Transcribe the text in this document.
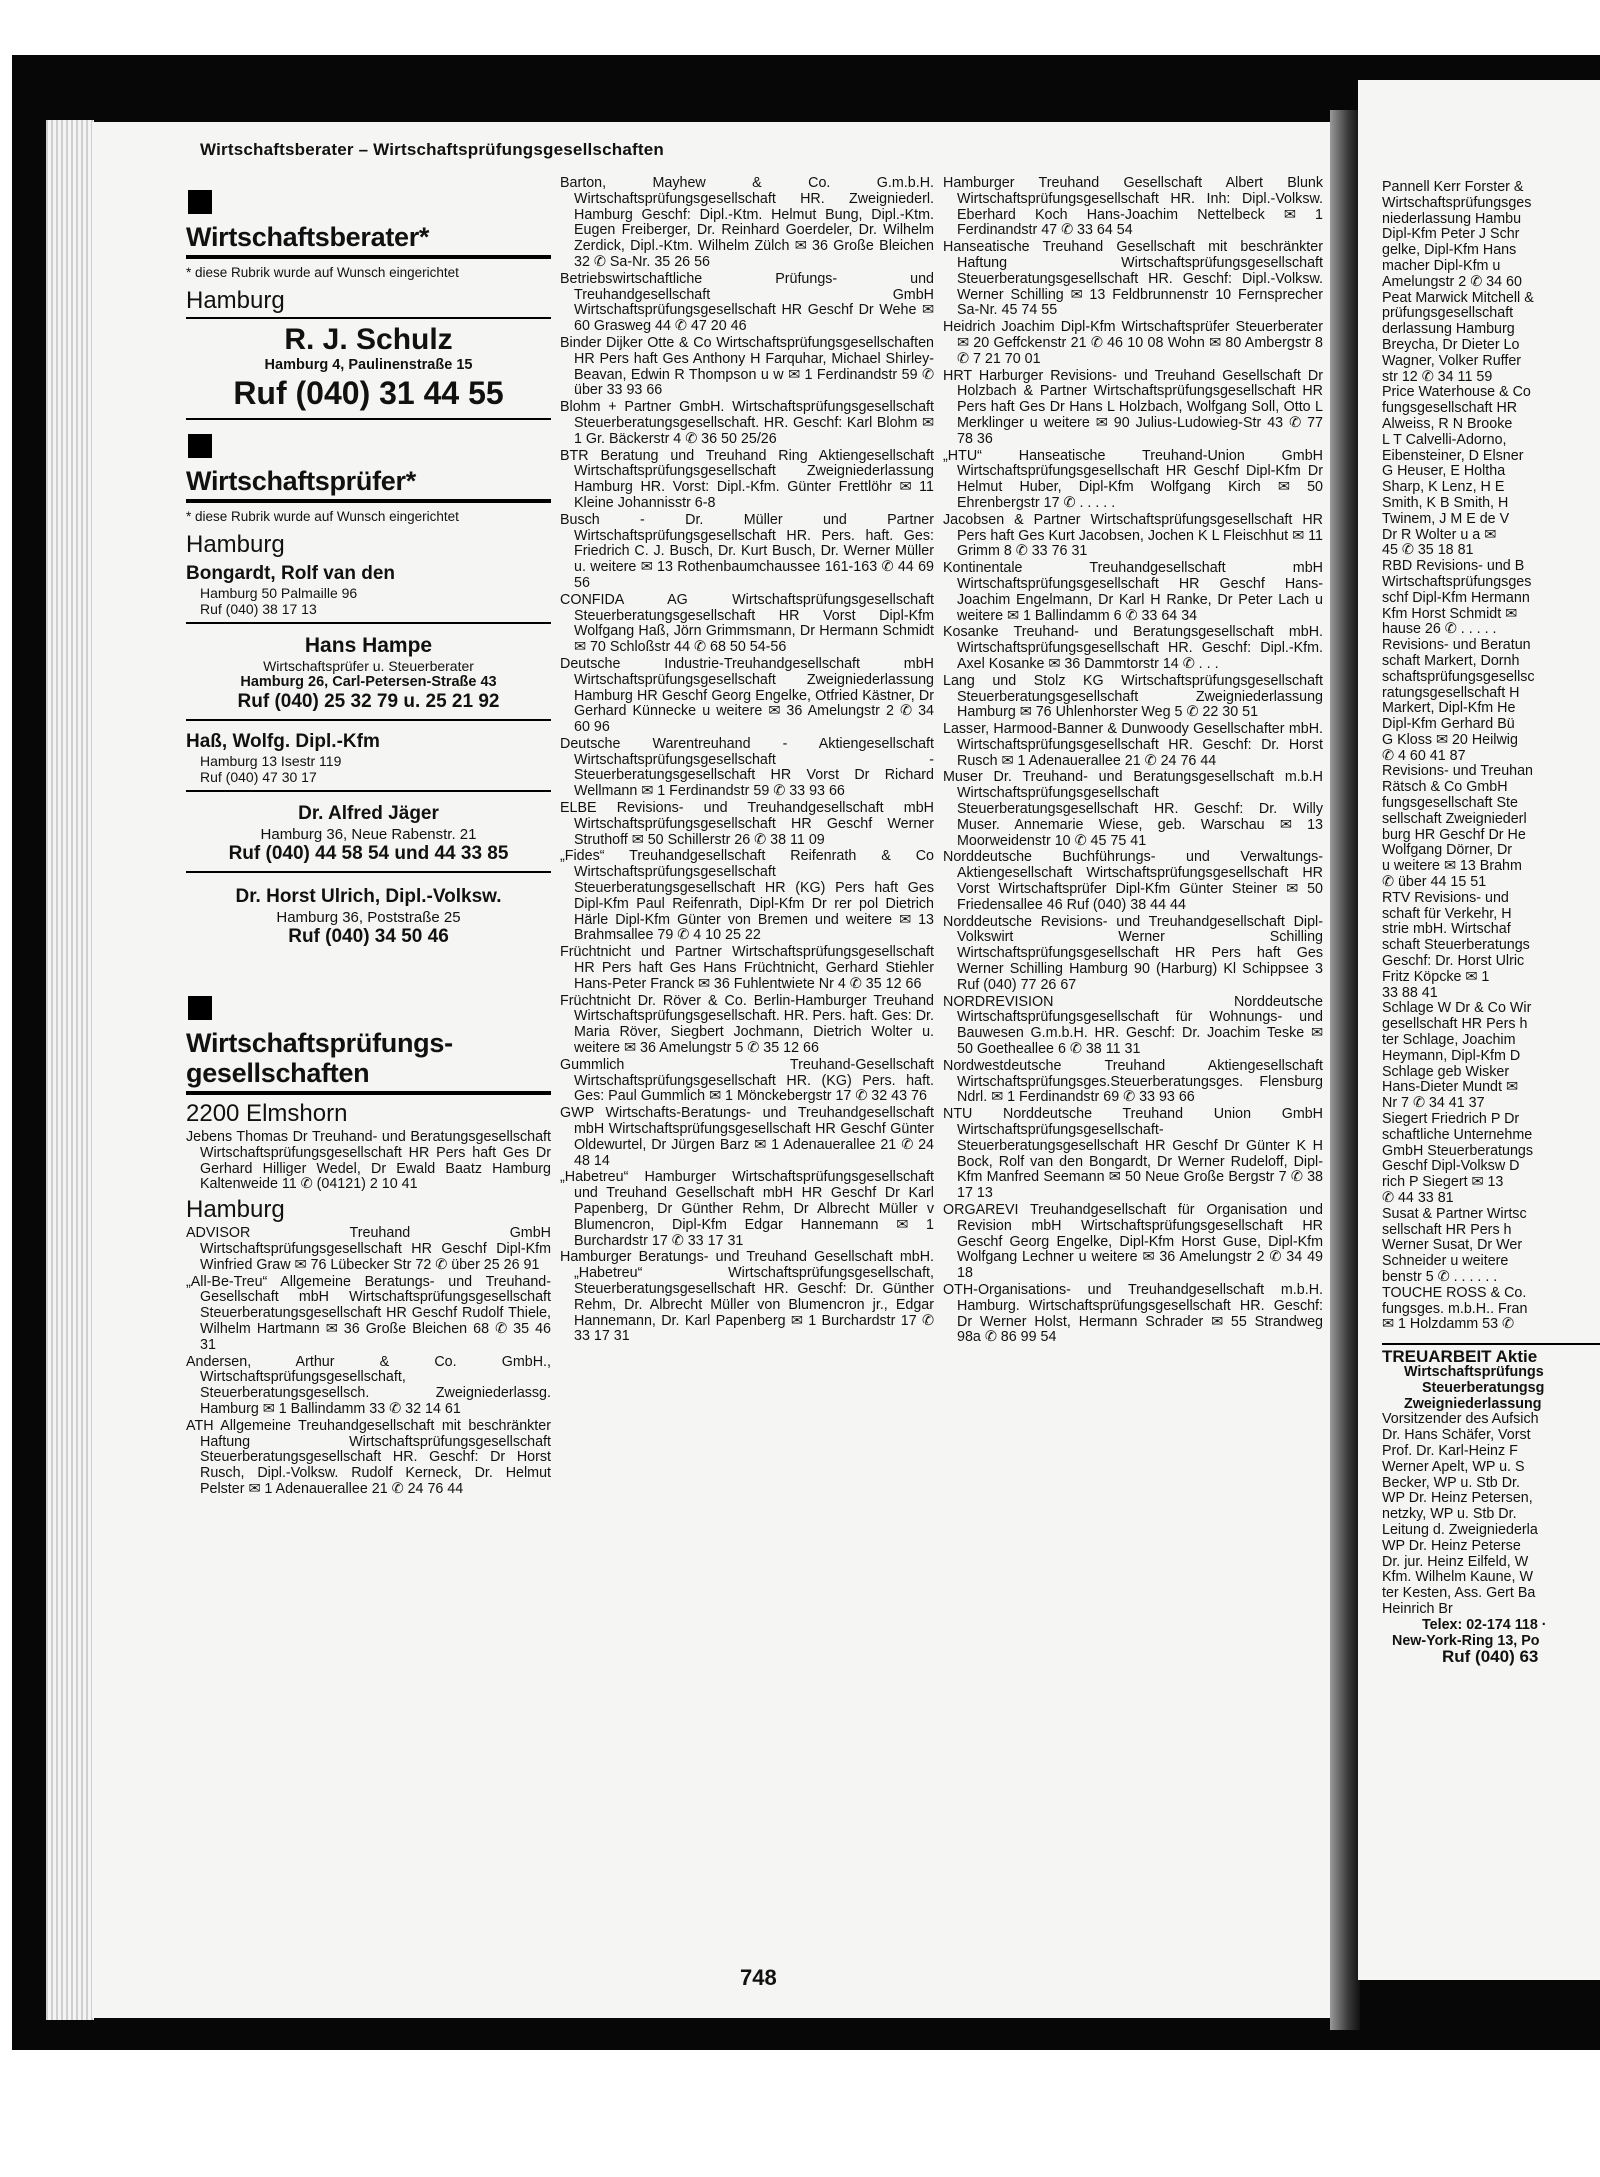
Wirtschaftsberater – Wirtschaftsprüfungsgesellschaften
Wirtschaftsberater*
* diese Rubrik wurde auf Wunsch eingerichtet
Hamburg
R. J. Schulz
Hamburg 4, Paulinenstraße 15
Ruf (040) 31 44 55
Wirtschaftsprüfer*
* diese Rubrik wurde auf Wunsch eingerichtet
Hamburg
Bongardt, Rolf van den
Hamburg 50 Palmaille 96
Ruf (040) 38 17 13
Hans Hampe
Wirtschaftsprüfer u. Steuerberater
Hamburg 26, Carl-Petersen-Straße 43
Ruf (040) 25 32 79 u. 25 21 92
Haß, Wolfg. Dipl.-Kfm
Hamburg 13 Isestr 119
Ruf (040) 47 30 17
Dr. Alfred Jäger
Hamburg 36, Neue Rabenstr. 21
Ruf (040) 44 58 54 und 44 33 85
Dr. Horst Ulrich, Dipl.-Volksw.
Hamburg 36, Poststraße 25
Ruf (040) 34 50 46
Wirtschaftsprüfungs-gesellschaften
2200 Elmshorn
Jebens Thomas Dr Treuhand- und Beratungsgesellschaft Wirtschaftsprüfungsgesellschaft HR Pers haft Ges Dr Gerhard Hilliger Wedel, Dr Ewald Baatz Hamburg Kaltenweide 11 ✆ (04121) 2 10 41
Hamburg
ADVISOR Treuhand GmbH Wirtschaftsprüfungsgesellschaft HR Geschf Dipl-Kfm Winfried Graw ✉ 76 Lübecker Str 72 ✆ über 25 26 91
„All-Be-Treu“ Allgemeine Beratungs- und Treuhand-Gesellschaft mbH Wirtschaftsprüfungsgesellschaft Steuerberatungsgesellschaft HR Geschf Rudolf Thiele, Wilhelm Hartmann ✉ 36 Große Bleichen 68 ✆ 35 46 31
Andersen, Arthur & Co. GmbH., Wirtschaftsprüfungsgesellschaft, Steuerberatungsgesellsch. Zweigniederlassg. Hamburg ✉ 1 Ballindamm 33 ✆ 32 14 61
ATH Allgemeine Treuhandgesellschaft mit beschränkter Haftung Wirtschaftsprüfungsgesellschaft Steuerberatungsgesellschaft HR. Geschf: Dr Horst Rusch, Dipl.-Volksw. Rudolf Kerneck, Dr. Helmut Pelster ✉ 1 Adenauerallee 21 ✆ 24 76 44
Barton, Mayhew & Co. G.m.b.H. Wirtschaftsprüfungsgesellschaft HR. Zweigniederl. Hamburg Geschf: Dipl.-Ktm. Helmut Bung, Dipl.-Ktm. Eugen Freiberger, Dr. Reinhard Goerdeler, Dr. Wilhelm Zerdick, Dipl.-Ktm. Wilhelm Zülch ✉ 36 Große Bleichen 32 ✆ Sa-Nr. 35 26 56
Betriebswirtschaftliche Prüfungs- und Treuhandgesellschaft GmbH Wirtschaftsprüfungsgesellschaft HR Geschf Dr Wehe ✉ 60 Grasweg 44 ✆ 47 20 46
Binder Dijker Otte & Co Wirtschaftsprüfungsgesellschaften HR Pers haft Ges Anthony H Farquhar, Michael Shirley-Beavan, Edwin R Thompson u w ✉ 1 Ferdinandstr 59 ✆ über 33 93 66
Blohm + Partner GmbH. Wirtschaftsprüfungsgesellschaft Steuerberatungsgesellschaft. HR. Geschf: Karl Blohm ✉ 1 Gr. Bäckerstr 4 ✆ 36 50 25/26
BTR Beratung und Treuhand Ring Aktiengesellschaft Wirtschaftsprüfungsgesellschaft Zweigniederlassung Hamburg HR. Vorst: Dipl.-Kfm. Günter Frettlöhr ✉ 11 Kleine Johannisstr 6-8
Busch - Dr. Müller und Partner Wirtschaftsprüfungsgesellschaft HR. Pers. haft. Ges: Friedrich C. J. Busch, Dr. Kurt Busch, Dr. Werner Müller u. weitere ✉ 13 Rothenbaumchaussee 161-163 ✆ 44 69 56
CONFIDA AG Wirtschaftsprüfungsgesellschaft Steuerberatungsgesellschaft HR Vorst Dipl-Kfm Wolfgang Haß, Jörn Grimmsmann, Dr Hermann Schmidt ✉ 70 Schloßstr 44 ✆ 68 50 54-56
Deutsche Industrie-Treuhandgesellschaft mbH Wirtschaftsprüfungsgesellschaft Zweigniederlassung Hamburg HR Geschf Georg Engelke, Otfried Kästner, Dr Gerhard Künnecke u weitere ✉ 36 Amelungstr 2 ✆ 34 60 96
Deutsche Warentreuhand - Aktiengesellschaft Wirtschaftsprüfungsgesellschaft - Steuerberatungsgesellschaft HR Vorst Dr Richard Wellmann ✉ 1 Ferdinandstr 59 ✆ 33 93 66
ELBE Revisions- und Treuhandgesellschaft mbH Wirtschaftsprüfungsgesellschaft HR Geschf Werner Struthoff ✉ 50 Schillerstr 26 ✆ 38 11 09
„Fides“ Treuhandgesellschaft Reifenrath & Co Wirtschaftsprüfungsgesellschaft Steuerberatungsgesellschaft HR (KG) Pers haft Ges Dipl-Kfm Paul Reifenrath, Dipl-Kfm Dr rer pol Dietrich Härle Dipl-Kfm Günter von Bremen und weitere ✉ 13 Brahmsallee 79 ✆ 4 10 25 22
Früchtnicht und Partner Wirtschaftsprüfungsgesellschaft HR Pers haft Ges Hans Früchtnicht, Gerhard Stiehler Hans-Peter Franck ✉ 36 Fuhlentwiete Nr 4 ✆ 35 12 66
Früchtnicht Dr. Röver & Co. Berlin-Hamburger Treuhand Wirtschaftsprüfungsgesellschaft. HR. Pers. haft. Ges: Dr. Maria Röver, Siegbert Jochmann, Dietrich Wolter u. weitere ✉ 36 Amelungstr 5 ✆ 35 12 66
Gummlich Treuhand-Gesellschaft Wirtschaftsprüfungsgesellschaft HR. (KG) Pers. haft. Ges: Paul Gummlich ✉ 1 Mönckebergstr 17 ✆ 32 43 76
GWP Wirtschafts-Beratungs- und Treuhandgesellschaft mbH Wirtschaftsprüfungsgesellschaft HR Geschf Günter Oldewurtel, Dr Jürgen Barz ✉ 1 Adenauerallee 21 ✆ 24 48 14
„Habetreu“ Hamburger Wirtschaftsprüfungsgesellschaft und Treuhand Gesellschaft mbH HR Geschf Dr Karl Papenberg, Dr Günther Rehm, Dr Albrecht Müller v Blumencron, Dipl-Kfm Edgar Hannemann ✉ 1 Burchardstr 17 ✆ 33 17 31
Hamburger Beratungs- und Treuhand Gesellschaft mbH. „Habetreu“ Wirtschaftsprüfungsgesellschaft, Steuerberatungsgesellschaft HR. Geschf: Dr. Günther Rehm, Dr. Albrecht Müller von Blumencron jr., Edgar Hannemann, Dr. Karl Papenberg ✉ 1 Burchardstr 17 ✆ 33 17 31
Hamburger Treuhand Gesellschaft Albert Blunk Wirtschaftsprüfungsgesellschaft HR. Inh: Dipl.-Volksw. Eberhard Koch Hans-Joachim Nettelbeck ✉ 1 Ferdinandstr 47 ✆ 33 64 54
Hanseatische Treuhand Gesellschaft mit beschränkter Haftung Wirtschaftsprüfungsgesellschaft Steuerberatungsgesellschaft HR. Geschf: Dipl.-Volksw. Werner Schilling ✉ 13 Feldbrunnenstr 10 Fernsprecher Sa-Nr. 45 74 55
Heidrich Joachim Dipl-Kfm Wirtschaftsprüfer Steuerberater ✉ 20 Geffckenstr 21 ✆ 46 10 08 Wohn ✉ 80 Ambergstr 8 ✆ 7 21 70 01
HRT Harburger Revisions- und Treuhand Gesellschaft Dr Holzbach & Partner Wirtschaftsprüfungsgesellschaft HR Pers haft Ges Dr Hans L Holzbach, Wolfgang Soll, Otto L Merklinger u weitere ✉ 90 Julius-Ludowieg-Str 43 ✆ 77 78 36
„HTU“ Hanseatische Treuhand-Union GmbH Wirtschaftsprüfungsgesellschaft HR Geschf Dipl-Kfm Dr Helmut Huber, Dipl-Kfm Wolfgang Kirch ✉ 50 Ehrenbergstr 17 ✆ . . . . .
Jacobsen & Partner Wirtschaftsprüfungsgesellschaft HR Pers haft Ges Kurt Jacobsen, Jochen K L Fleischhut ✉ 11 Grimm 8 ✆ 33 76 31
Kontinentale Treuhandgesellschaft mbH Wirtschaftsprüfungsgesellschaft HR Geschf Hans-Joachim Engelmann, Dr Karl H Ranke, Dr Peter Lach u weitere ✉ 1 Ballindamm 6 ✆ 33 64 34
Kosanke Treuhand- und Beratungsgesellschaft mbH. Wirtschaftsprüfungsgesellschaft HR. Geschf: Dipl.-Kfm. Axel Kosanke ✉ 36 Dammtorstr 14 ✆ . . .
Lang und Stolz KG Wirtschaftsprüfungsgesellschaft Steuerberatungsgesellschaft Zweigniederlassung Hamburg ✉ 76 Uhlenhorster Weg 5 ✆ 22 30 51
Lasser, Harmood-Banner & Dunwoody Gesellschafter mbH. Wirtschaftsprüfungsgesellschaft HR. Geschf: Dr. Horst Rusch ✉ 1 Adenauerallee 21 ✆ 24 76 44
Muser Dr. Treuhand- und Beratungsgesellschaft m.b.H Wirtschaftsprüfungsgesellschaft Steuerberatungsgesellschaft HR. Geschf: Dr. Willy Muser. Annemarie Wiese, geb. Warschau ✉ 13 Moorweidenstr 10 ✆ 45 75 41
Norddeutsche Buchführungs- und Verwaltungs-Aktiengesellschaft Wirtschaftsprüfungsgesellschaft HR Vorst Wirtschaftsprüfer Dipl-Kfm Günter Steiner ✉ 50 Friedensallee 46 Ruf (040) 38 44 44
Norddeutsche Revisions- und Treuhandgesellschaft Dipl-Volkswirt Werner Schilling Wirtschaftsprüfungsgesellschaft HR Pers haft Ges Werner Schilling Hamburg 90 (Harburg) Kl Schippsee 3 Ruf (040) 77 26 67
NORDREVISION Norddeutsche Wirtschaftsprüfungsgesellschaft für Wohnungs- und Bauwesen G.m.b.H. HR. Geschf: Dr. Joachim Teske ✉ 50 Goetheallee 6 ✆ 38 11 31
Nordwestdeutsche Treuhand Aktiengesellschaft Wirtschaftsprüfungsges.Steuerberatungsges. Flensburg Ndrl. ✉ 1 Ferdinandstr 69 ✆ 33 93 66
NTU Norddeutsche Treuhand Union GmbH Wirtschaftsprüfungsgesellschaft-Steuerberatungsgesellschaft HR Geschf Dr Günter K H Bock, Rolf van den Bongardt, Dr Werner Rudeloff, Dipl-Kfm Manfred Seemann ✉ 50 Neue Große Bergstr 7 ✆ 38 17 13
ORGAREVI Treuhandgesellschaft für Organisation und Revision mbH Wirtschaftsprüfungsgesellschaft HR Geschf Georg Engelke, Dipl-Kfm Horst Guse, Dipl-Kfm Wolfgang Lechner u weitere ✉ 36 Amelungstr 2 ✆ 34 49 18
OTH-Organisations- und Treuhandgesellschaft m.b.H. Hamburg. Wirtschaftsprüfungsgesellschaft HR. Geschf: Dr Werner Holst, Hermann Schrader ✉ 55 Strandweg 98a ✆ 86 99 54
748
Pannell Kerr Forster &
Wirtschaftsprüfungsges
niederlassung Hambu
Dipl-Kfm Peter J Schr
gelke, Dipl-Kfm Hans
macher Dipl-Kfm u
Amelungstr 2 ✆ 34 60
Peat Marwick Mitchell &
prüfungsgesellschaft
derlassung Hamburg
Breycha, Dr Dieter Lo
Wagner, Volker Ruffer
str 12 ✆ 34 11 59
Price Waterhouse & Co
fungsgesellschaft HR
Alweiss, R N Brooke
L T Calvelli-Adorno,
Eibensteiner, D Elsner
G Heuser, E Holtha
Sharp, K Lenz, H E
Smith, K B Smith, H
Twinem, J M E de V
Dr R Wolter u a ✉
45 ✆ 35 18 81
RBD Revisions- und B
Wirtschaftsprüfungsges
schf Dipl-Kfm Hermann
Kfm Horst Schmidt ✉
hause 26 ✆ . . . . .
Revisions- und Beratun
schaft Markert, Dornh
schaftsprüfungsgesellsc
ratungsgesellschaft H
Markert, Dipl-Kfm He
Dipl-Kfm Gerhard Bü
G Kloss ✉ 20 Heilwig
✆ 4 60 41 87
Revisions- und Treuhan
Rätsch & Co GmbH
fungsgesellschaft Ste
sellschaft Zweigniederl
burg HR Geschf Dr He
Wolfgang Dörner, Dr
u weitere ✉ 13 Brahm
✆ über 44 15 51
RTV Revisions- und
schaft für Verkehr, H
strie mbH. Wirtschaf
schaft Steuerberatungs
Geschf: Dr. Horst Ulric
Fritz Köpcke ✉ 1
33 88 41
Schlage W Dr & Co Wir
gesellschaft HR Pers h
ter Schlage, Joachim
Heymann, Dipl-Kfm D
Schlage geb Wisker
Hans-Dieter Mundt ✉
Nr 7 ✆ 34 41 37
Siegert Friedrich P Dr
schaftliche Unternehme
GmbH Steuerberatungs
Geschf Dipl-Volksw D
rich P Siegert ✉ 13
✆ 44 33 81
Susat & Partner Wirtsc
sellschaft HR Pers h
Werner Susat, Dr Wer
Schneider u weitere
benstr 5 ✆ . . . . . .
TOUCHE ROSS & Co.
fungsges. m.b.H.. Fran
✉ 1 Holzdamm 53 ✆
TREUARBEIT Aktie
Wirtschaftsprüfungs
Steuerberatungsg
Zweigniederlassung
Vorsitzender des Aufsich
Dr. Hans Schäfer, Vorst
Prof. Dr. Karl-Heinz F
Werner Apelt, WP u. S
Becker, WP u. Stb Dr.
WP Dr. Heinz Petersen,
netzky, WP u. Stb Dr.
Leitung d. Zweigniederla
WP Dr. Heinz Peterse
Dr. jur. Heinz Eilfeld, W
Kfm. Wilhelm Kaune, W
ter Kesten, Ass. Gert Ba
Heinrich Br
Telex: 02-174 118 ·
New-York-Ring 13, Po
Ruf (040) 63
